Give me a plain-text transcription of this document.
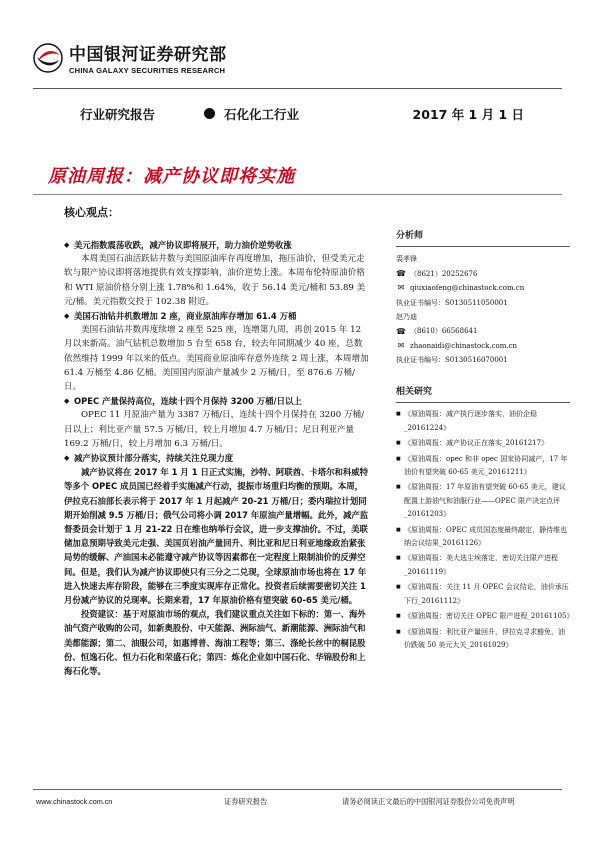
中国银河证券研究部
CHINA GALAXY SECURITIES RESEARCH
行业研究报告	石化化工行业	2017 年 1 月 1 日
原油周报：减产协议即将实施
核心观点：
◆ 美元指数震荡收跌，减产协议即将展开，助力油价逆势收涨

本周美国石油活跃钻井数与美国原油库存再度增加，拖压油价，但受美元走软与限产协议即将落地提供有效支撑影响，油价逆势上涨。本周布伦特原油价格和 WTI 原油价格分别上涨 1.78%和 1.64%，收于 56.14 美元/桶和 53.89 美元/桶。美元指数交投于 102.38 附近。

◆ 美国石油钻井机数增加 2 座，商业原油库存增加 61.4 万桶

美国石油钻井数再度续增 2 座至 525 座，连增第九周，再创 2015 年 12 月以来新高。油气钻机总数增加 5 台至 658 台，较去年同期减少 40 座，总数依然维持 1999 年以来的低点。美国商业原油库存意外连续 2 周上涨，本周增加 61.4 万桶至 4.86 亿桶。美国国内原油产量减少 2 万桶/日，至 876.6 万桶/日。

◆ OPEC 产量保持高位，连续十四个月保持 3200 万桶/日以上

OPEC 11 月原油产量为 3387 万桶/日，连续十四个月保持在 3200 万桶/日以上；利比亚产量 57.5 万桶/日，较上月增加 4.7 万桶/日；尼日利亚产量 169.2 万桶/日，较上月增加 6.3 万桶/日。

◆ 减产协议预计部分落实，持续关注兑现力度

减产协议将在 2017 年 1 月 1 日正式实施，沙特、阿联酋、卡塔尔和科威特等多个 OPEC 成员国已经着手实施减产行动，提振市场重归均衡的预期。本周，伊拉克石油部长表示将于 2017 年 1 月起减产 20-21 万桶/日；委内瑞拉计划同期开始削减 9.5 万桶/日；俄气公司将小调 2017 年原油产量增幅。此外，减产监督委员会计划于 1 月 21-22 日在维也纳举行会议，进一步支撑油价。不过，美联储加息预期导致美元走强、美国页岩油产量回升、利比亚和尼日利亚地缘政治紧张局势的缓解、产油国未必能遵守减产协议等因素都在一定程度上限制油价的反弹空间。但是，我们认为减产协议即使只有三分之二兑现，全球原油市场也将在 17 年进入快速去库存阶段，能够在三季度实现库存正常化。投资者后续需要密切关注 1 月份减产协议的兑现率。长期来看，17 年原油价格有望突破 60-65 美元/桶。

投资建议：基于对原油市场的观点，我们建议重点关注如下标的：第一、海外油气资产收购的公司，如新奥股份、中天能源、洲际油气、新潮能源、洲际油气和美都能源；第二、油服公司，如惠博普、海油工程等；第三、涤纶长丝中的桐昆股份、恒逸石化、恒力石化和荣盛石化；第四：炼化企业如中国石化、华锦股份和上海石化等。

分析师
裘孝锋
☎ （8621）20252676
✉ qiuxiaofeng@chinastock.com.cn
执业证书编号：S0130511050001
赵乃迪
☎ （8610）66568641
✉ zhaonaidi@chinastock.com.cn
执业证书编号：S0130516070001
相关研究
■ 《原油周报：减产执行逐步落实，油价企稳_20161224》
■ 《原油周报：减产协议正在落实_20161217》
■ 《原油周报：opec 和非 opec 国家协同减产，17 年油价有望突破 60-65 美元_20161211》
■ 《原油周报：17 年原油有望突破 60-65 美元，建议配置上游油气和油服行业——OPEC 限产决定点评_20161203》
■ 《原油周报：OPEC 成员国态度最终敲定，静待维也纳会议结果_20161126》
■ 《原油周报：美大选尘埃落定，密切关注限产进程_20161119》
■ 《原油周报：关注 11 月 OPEC 会议结论，油价承压下行_20161112》
■ 《原油周报：密切关注 OPEC 限产进程_20161105》
■ 《原油周报：利比亚产量回升，伊拉克寻求豁免，油价跌破 50 美元大关_20161029》
www.chinastock.com.cn	证券研究报告	请务必阅读正文最后的中国银河证券股份公司免责声明
